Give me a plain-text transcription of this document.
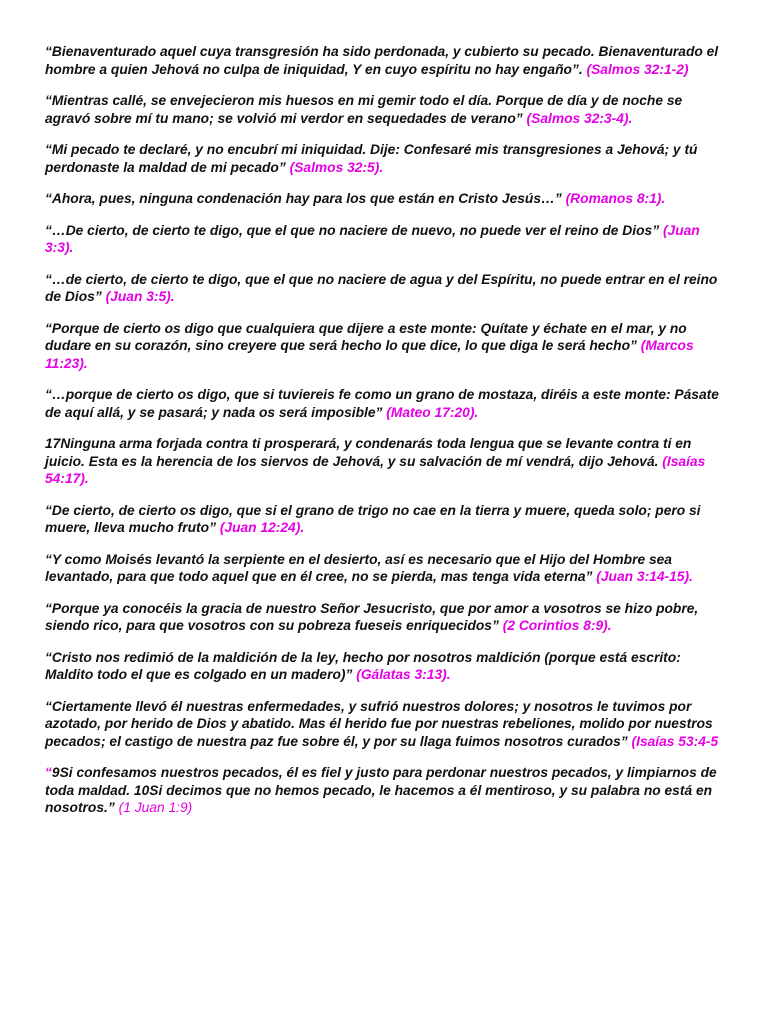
“Bienaventurado aquel cuya transgresión ha sido perdonada, y cubierto su pecado. Bienaventurado el hombre a quien Jehová no culpa de iniquidad, Y en cuyo espíritu no hay engaño”. (Salmos 32:1-2)

“Mientras callé, se envejecieron mis huesos en mi gemir todo el día. Porque de día y de noche se agravó sobre mí tu mano; se volvió mi verdor en sequedades de verano” (Salmos 32:3-4).

“Mi pecado te declaré, y no encubrí mi iniquidad. Dije: Confesaré mis transgresiones a Jehová; y tú perdonaste la maldad de mi pecado” (Salmos 32:5).

“Ahora, pues, ninguna condenación hay para los que están en Cristo Jesús…” (Romanos 8:1).

“…De cierto, de cierto te digo, que el que no naciere de nuevo, no puede ver el reino de Dios” (Juan 3:3).

“…de cierto, de cierto te digo, que el que no naciere de agua y del Espíritu, no puede entrar en el reino de Dios” (Juan 3:5).

“Porque de cierto os digo que cualquiera que dijere a este monte: Quítate y échate en el mar, y no dudare en su corazón, sino creyere que será hecho lo que dice, lo que diga le será hecho” (Marcos 11:23).

“…porque de cierto os digo, que si tuviereis fe como un grano de mostaza, diréis a este monte: Pásate de aquí allá, y se pasará; y nada os será imposible” (Mateo 17:20).

17Ninguna arma forjada contra ti prosperará, y condenarás toda lengua que se levante contra ti en juicio. Esta es la herencia de los siervos de Jehová, y su salvación de mí vendrá, dijo Jehová. (Isaías 54:17).

“De cierto, de cierto os digo, que si el grano de trigo no cae en la tierra y muere, queda solo; pero si muere, lleva mucho fruto” (Juan 12:24).

“Y como Moisés levantó la serpiente en el desierto, así es necesario que el Hijo del Hombre sea levantado, para que todo aquel que en él cree, no se pierda, mas tenga vida eterna” (Juan 3:14-15).

“Porque ya conocéis la gracia de nuestro Señor Jesucristo, que por amor a vosotros se hizo pobre, siendo rico, para que vosotros con su pobreza fueseis enriquecidos” (2 Corintios 8:9).

“Cristo nos redimió de la maldición de la ley, hecho por nosotros maldición (porque está escrito: Maldito todo el que es colgado en un madero)” (Gálatas 3:13).

“Ciertamente llevó él nuestras enfermedades, y sufrió nuestros dolores; y nosotros le tuvimos por azotado, por herido de Dios y abatido. Mas él herido fue por nuestras rebeliones, molido por nuestros pecados; el castigo de nuestra paz fue sobre él, y por su llaga fuimos nosotros curados” (Isaías 53:4-5

“9Si confesamos nuestros pecados, él es fiel y justo para perdonar nuestros pecados, y limpiarnos de toda maldad. 10Si decimos que no hemos pecado, le hacemos a él mentiroso, y su palabra no está en nosotros.” (1 Juan 1:9)
